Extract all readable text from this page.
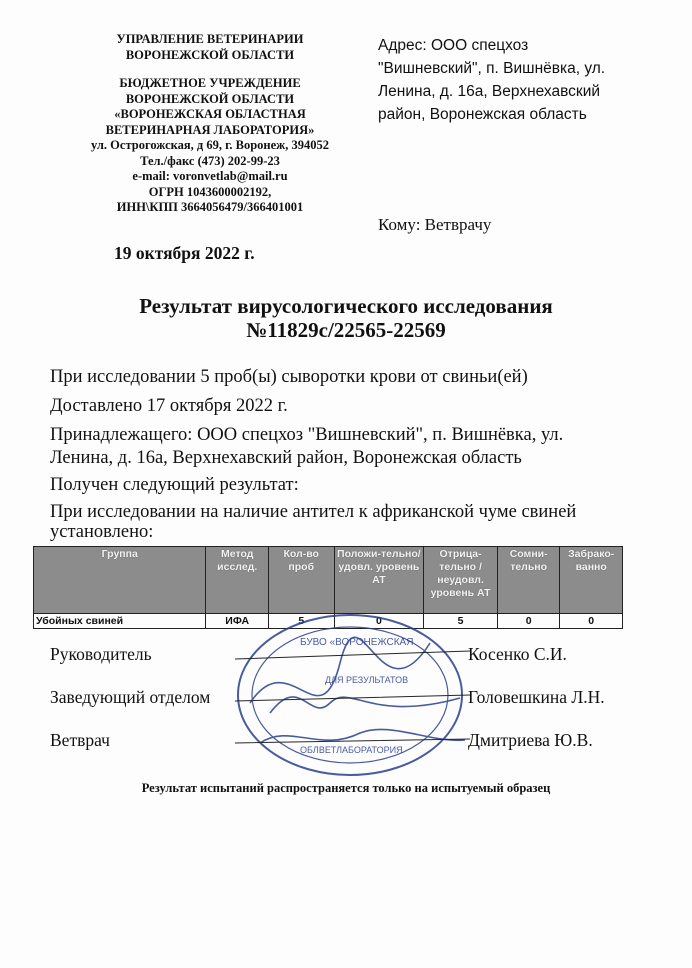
УПРАВЛЕНИЕ ВЕТЕРИНАРИИ
ВОРОНЕЖСКОЙ ОБЛАСТИ
БЮДЖЕТНОЕ УЧРЕЖДЕНИЕ
ВОРОНЕЖСКОЙ ОБЛАСТИ
«ВОРОНЕЖСКАЯ ОБЛАСТНАЯ
ВЕТЕРИНАРНАЯ ЛАБОРАТОРИЯ»
ул. Острогожская, д 69, г. Воронеж, 394052
Тел./факс (473) 202-99-23
e-mail: voronvetlab@mail.ru
ОГРН 1043600002192,
ИНН\КПП 3664056479/366401001
Адрес: ООО спецхоз
"Вишневский", п. Вишнёвка, ул.
Ленина, д. 16а, Верхнехавский
район, Воронежская область
Кому: Ветврачу
19 октября 2022 г.
Результат вирусологического исследования
№11829с/22565-22569
При исследовании 5 проб(ы) сыворотки крови от свиньи(ей)
Доставлено 17 октября 2022 г.
Принадлежащего: ООО спецхоз "Вишневский", п. Вишнёвка, ул. Ленина, д. 16а, Верхнехавский район, Воронежская область
Получен следующий результат:
При исследовании на наличие антител к африканской чуме свиней установлено:
Группа	Метод исслед.	Кол-во проб	Положи-тельно/ удовл. уровень АТ	Отрица-тельно / неудовл. уровень АТ	Сомни-тельно	Забрако-ванно
Убойных свиней	ИФА	5	0	5	0	0
Руководитель	Косенко С.И.
Заведующий отделом	Головешкина Л.Н.
Ветврач	Дмитриева Ю.В.
БУВО «ВОРОНЕЖСКАЯ
ДЛЯ РЕЗУЛЬТАТОВ
ОБЛВЕТЛАБОРАТОРИЯ
Результат испытаний распространяется только на испытуемый образец
